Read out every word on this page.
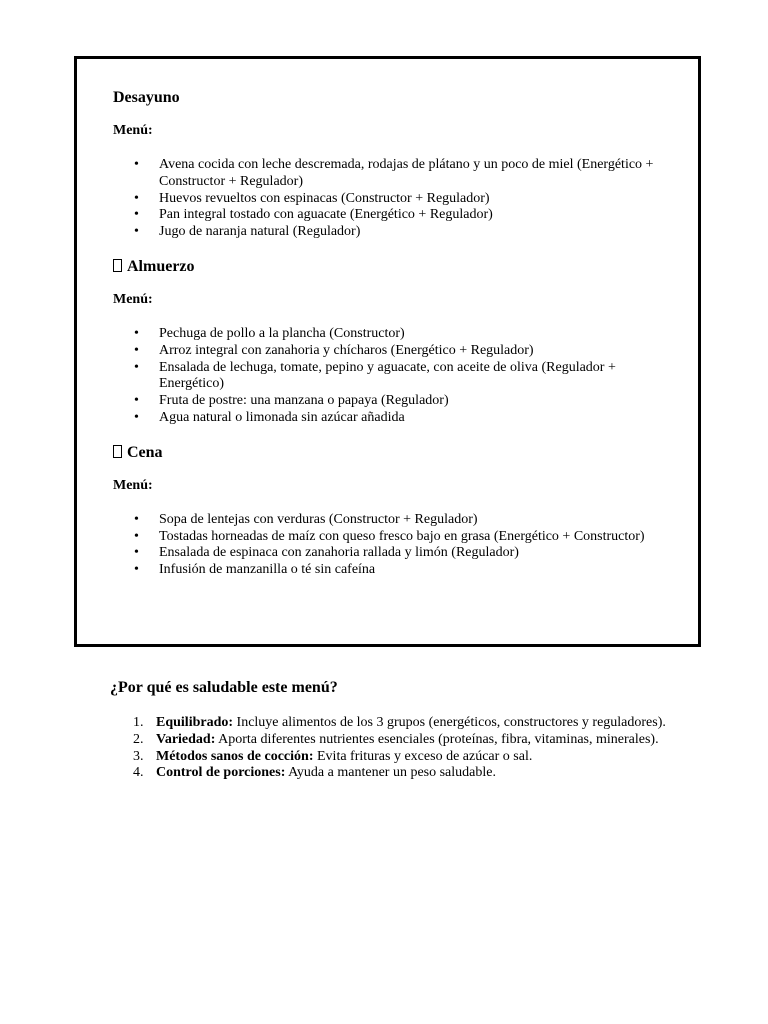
Desayuno

Menú:

• Avena cocida con leche descremada, rodajas de plátano y un poco de miel (Energético + Constructor + Regulador)
• Huevos revueltos con espinacas (Constructor + Regulador)
• Pan integral tostado con aguacate (Energético + Regulador)
• Jugo de naranja natural (Regulador)
Almuerzo

Menú:

• Pechuga de pollo a la plancha (Constructor)
• Arroz integral con zanahoria y chícharos (Energético + Regulador)
• Ensalada de lechuga, tomate, pepino y aguacate, con aceite de oliva (Regulador + Energético)
• Fruta de postre: una manzana o papaya (Regulador)
• Agua natural o limonada sin azúcar añadida
Cena

Menú:

• Sopa de lentejas con verduras (Constructor + Regulador)
• Tostadas horneadas de maíz con queso fresco bajo en grasa (Energético + Constructor)
• Ensalada de espinaca con zanahoria rallada y limón (Regulador)
• Infusión de manzanilla o té sin cafeína
¿Por qué es saludable este menú?
1. Equilibrado: Incluye alimentos de los 3 grupos (energéticos, constructores y reguladores).
2. Variedad: Aporta diferentes nutrientes esenciales (proteínas, fibra, vitaminas, minerales).
3. Métodos sanos de cocción: Evita frituras y exceso de azúcar o sal.
4. Control de porciones: Ayuda a mantener un peso saludable.
